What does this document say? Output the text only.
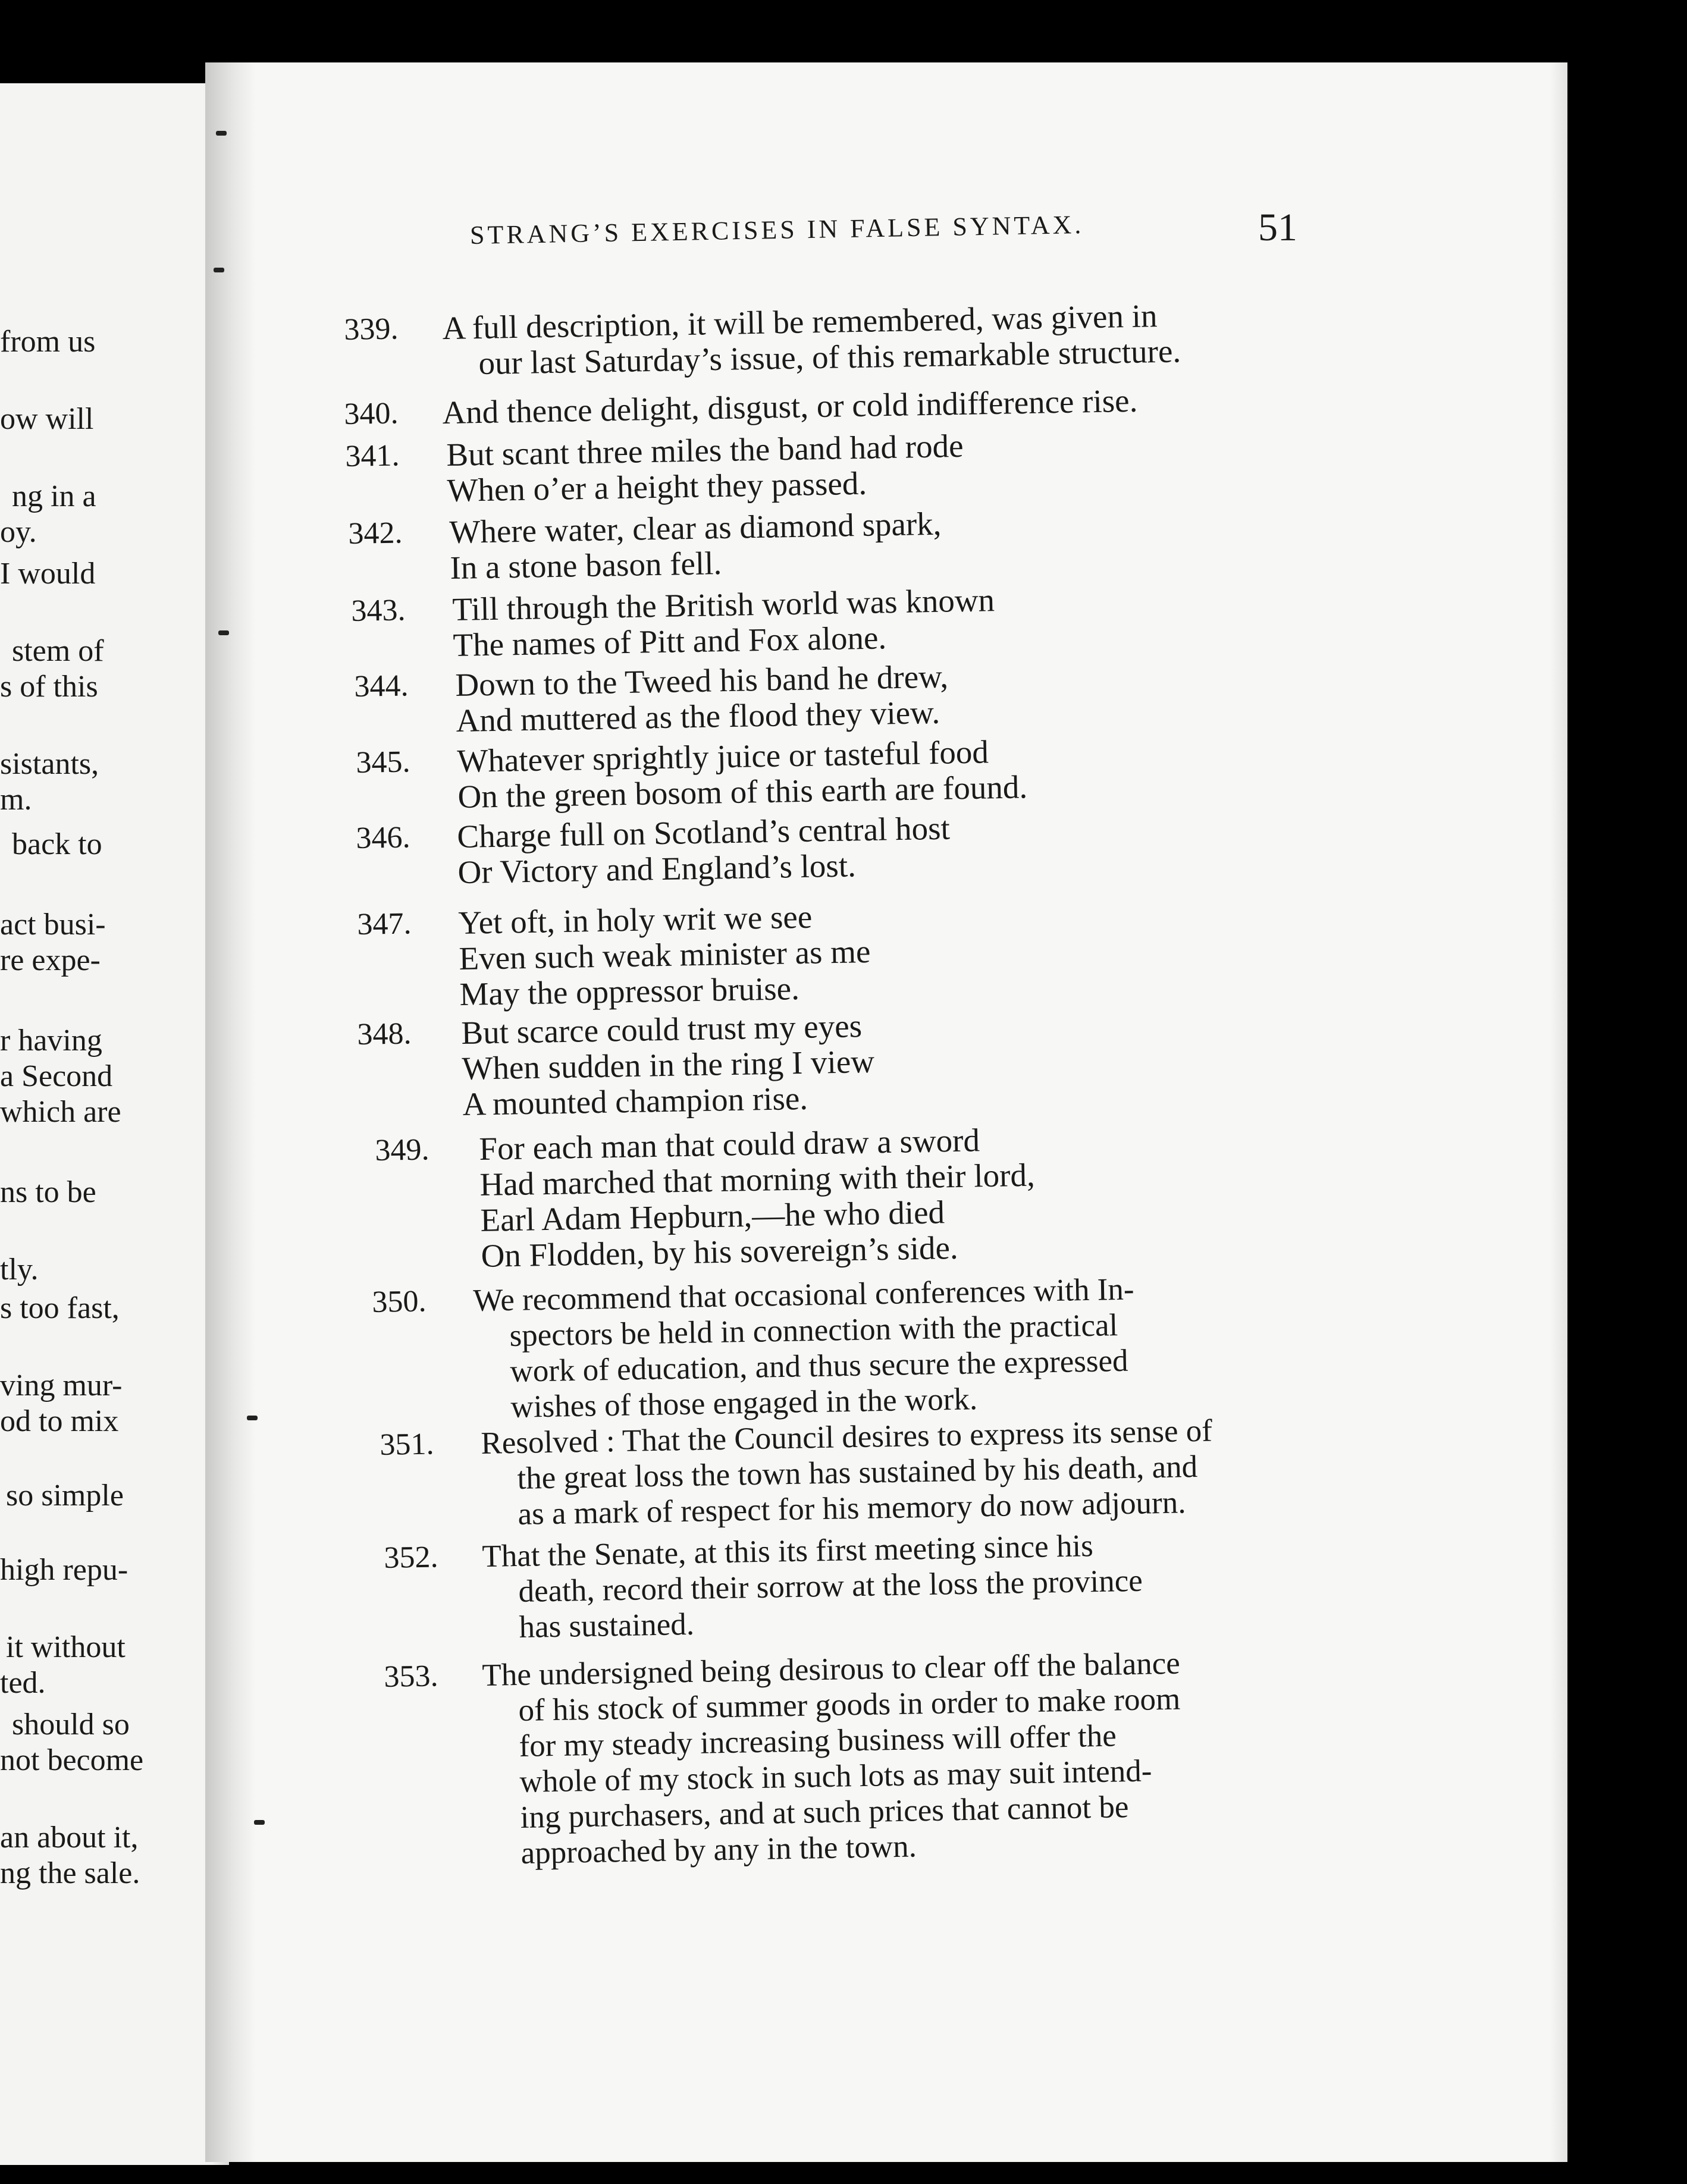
from us
ow will
ng in a
oy.
I would
stem of
s of this
sistants,
m.
back to
act busi-
re expe-
r having
a Second
which are
ns to be
tly.
s too fast,
ving mur-
od to mix
so simple
high repu-
it without
ted.
should so
not become
an about it,
ng the sale.
STRANG’S EXERCISES IN FALSE SYNTAX.	51
339. A full description, it will be remembered, was given in
our last Saturday’s issue, of this remarkable structure.
340. And thence delight, disgust, or cold indifference rise.
341. But scant three miles the band had rode
When o’er a height they passed.
342. Where water, clear as diamond spark,
In a stone bason fell.
343. Till through the British world was known
The names of Pitt and Fox alone.
344. Down to the Tweed his band he drew,
And muttered as the flood they view.
345. Whatever sprightly juice or tasteful food
On the green bosom of this earth are found.
346. Charge full on Scotland’s central host
Or Victory and England’s lost.
347. Yet oft, in holy writ we see
Even such weak minister as me
May the oppressor bruise.
348. But scarce could trust my eyes
When sudden in the ring I view
A mounted champion rise.
349. For each man that could draw a sword
Had marched that morning with their lord,
Earl Adam Hepburn,—he who died
On Flodden, by his sovereign’s side.
350. We recommend that occasional conferences with In-
spectors be held in connection with the practical
work of education, and thus secure the expressed
wishes of those engaged in the work.
351. Resolved : That the Council desires to express its sense of
the great loss the town has sustained by his death, and
as a mark of respect for his memory do now adjourn.
352. That the Senate, at this its first meeting since his
death, record their sorrow at the loss the province
has sustained.
353. The undersigned being desirous to clear off the balance
of his stock of summer goods in order to make room
for my steady increasing business will offer the
whole of my stock in such lots as may suit intend-
ing purchasers, and at such prices that cannot be
approached by any in the town.
